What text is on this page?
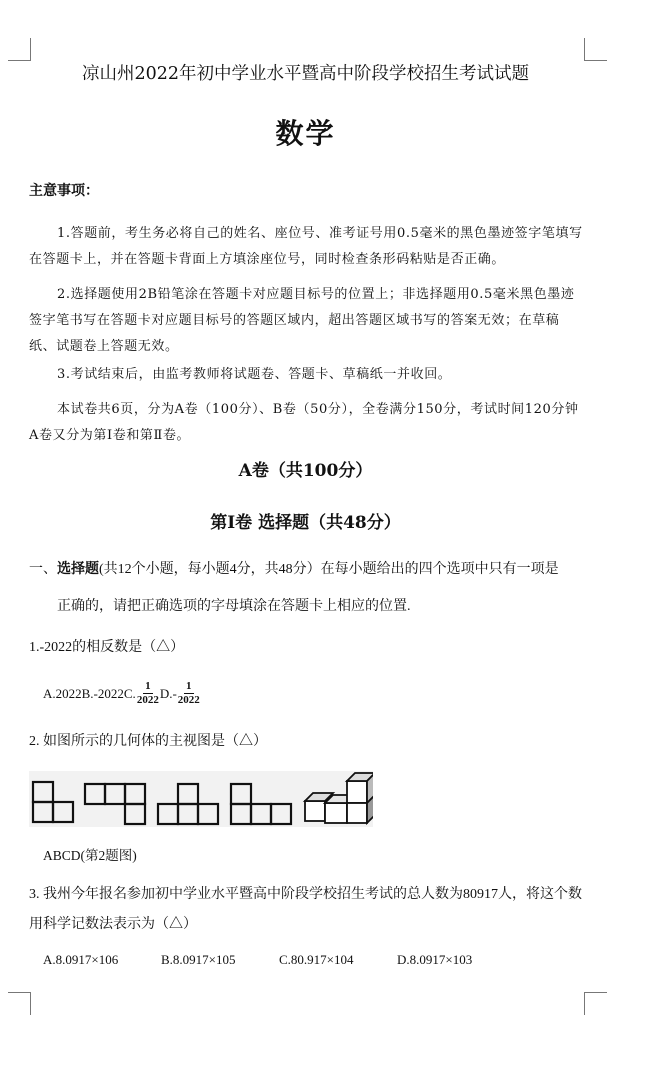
凉山州2022年初中学业水平暨高中阶段学校招生考试试题
数学
主意事项：
1.答题前，考生务必将自己的姓名、座位号、准考证号用0.5毫米的黑色墨迹签字笔填写在答题卡上，并在答题卡背面上方填涂座位号，同时检查条形码粘贴是否正确。
2.选择题使用2B铅笔涂在答题卡对应题目标号的位置上；非选择题用0.5毫米黑色墨迹签字笔书写在答题卡对应题目标号的答题区域内，超出答题区域书写的答案无效；在草稿纸、试题卷上答题无效。
3.考试结束后，由监考教师将试题卷、答题卡、草稿纸一并收回。
本试卷共6页，分为A卷（100分）、B卷（50分），全卷满分150分，考试时间120分钟A卷又分为第Ⅰ卷和第Ⅱ卷。
A卷（共100分）
第Ⅰ卷 选择题（共48分）
一、选择题(共12个小题，每小题4分，共48分）在每小题给出的四个选项中只有一项是
正确的，请把正确选项的字母填涂在答题卡上相应的位置.
1.-2022的相反数是（△）
A.2022B.-2022C. $\frac{1}{2022} D.- \frac{1}{2022}$
2. 如图所示的几何体的主视图是（△）
ABCD(第2题图)
3. 我州今年报名参加初中学业水平暨高中阶段学校招生考试的总人数为80917人，将这个数用科学记数法表示为（△）
A.8.0917×106	B.8.0917×105	C.80.917×104	D.8.0917×103
